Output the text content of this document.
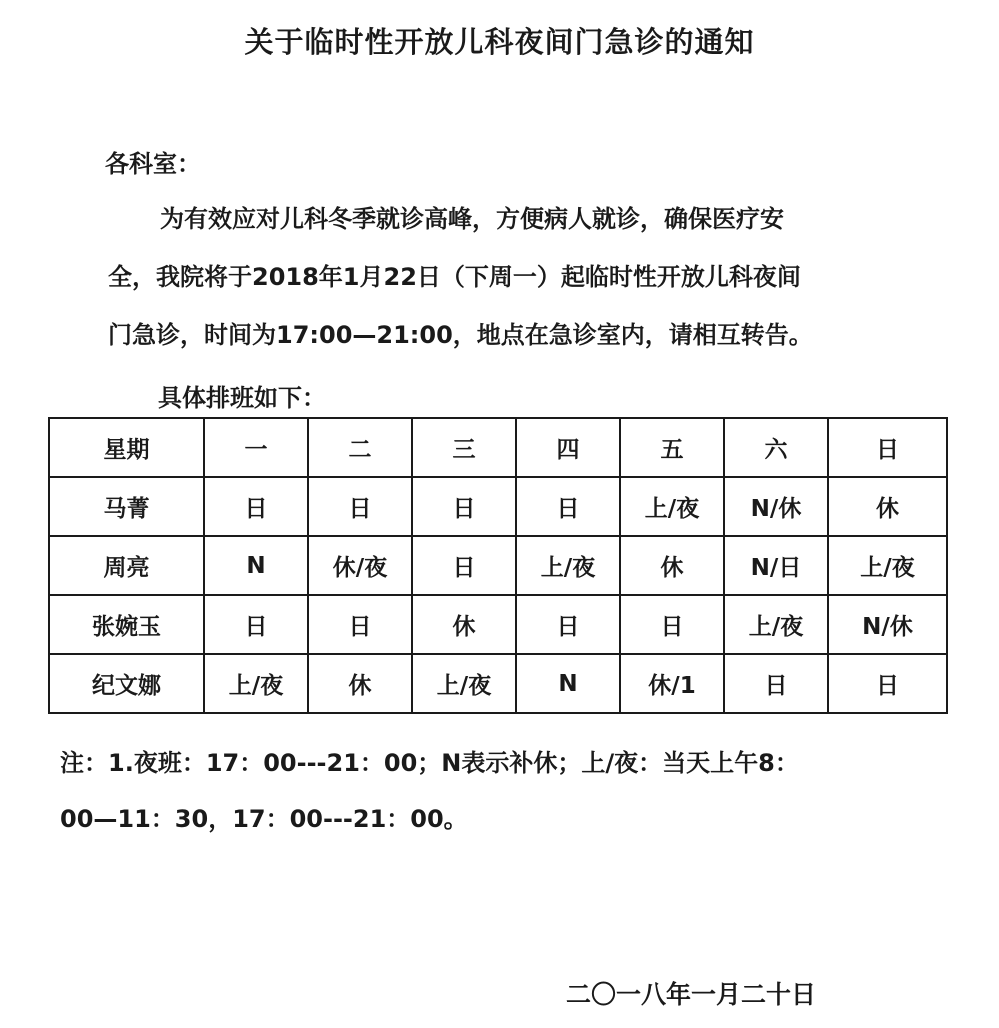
关于临时性开放儿科夜间门急诊的通知
各科室：
为有效应对儿科冬季就诊高峰，方便病人就诊，确保医疗安
全，我院将于2018年1月22日（下周一）起临时性开放儿科夜间
门急诊，时间为17:00—21:00，地点在急诊室内，请相互转告。
具体排班如下：
星期	一	二	三	四	五	六	日
马菁	日	日	日	日	上/夜	N/休	休
周亮	N	休/夜	日	上/夜	休	N/日	上/夜
张婉玉	日	日	休	日	日	上/夜	N/休
纪文娜	上/夜	休	上/夜	N	休/1	日	日
注：1.夜班：17：00---21：00；N表示补休；上/夜：当天上午8：
00—11：30，17：00---21：00。
二〇一八年一月二十日
